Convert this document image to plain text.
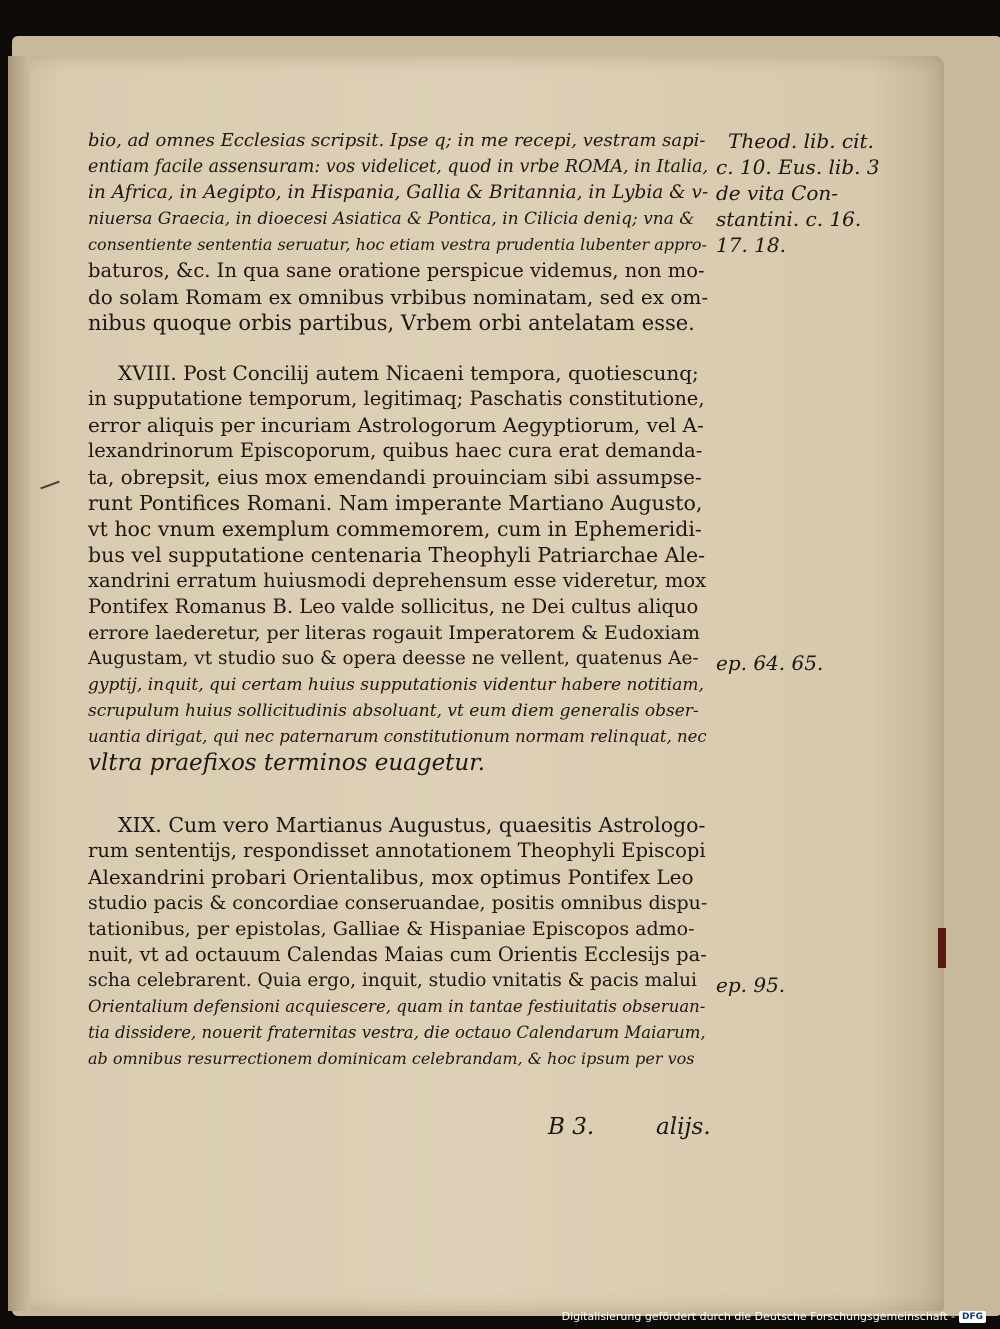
bio, ad omnes Ecclesias scripsit. Ipse q; in me recepi, vestram sapi-
entiam facile assensuram: vos videlicet, quod in vrbe ROMA, in Italia,
in Africa, in Aegipto, in Hispania, Gallia & Britannia, in Lybia & v-
niuersa Graecia, in dioecesi Asiatica & Pontica, in Cilicia deniq; vna &
consentiente sententia seruatur, hoc etiam vestra prudentia lubenter appro-
baturos, &c. In qua sane oratione perspicue videmus, non mo-
do solam Romam ex omnibus vrbibus nominatam, sed ex om-
nibus quoque orbis partibus, Vrbem orbi antelatam esse.
XVIII. Post Concilij autem Nicaeni tempora, quotiescunq;
in supputatione temporum, legitimaq; Paschatis constitutione,
error aliquis per incuriam Astrologorum Aegyptiorum, vel A-
lexandrinorum Episcoporum, quibus haec cura erat demanda-
ta, obrepsit, eius mox emendandi prouinciam sibi assumpse-
runt Pontifices Romani. Nam imperante Martiano Augusto,
vt hoc vnum exemplum commemorem, cum in Ephemeridi-
bus vel supputatione centenaria Theophyli Patriarchae Ale-
xandrini erratum huiusmodi deprehensum esse videretur, mox
Pontifex Romanus B. Leo valde sollicitus, ne Dei cultus aliquo
errore laederetur, per literas rogauit Imperatorem & Eudoxiam
Augustam, vt studio suo & opera deesse ne vellent, quatenus Ae-
gyptij, inquit, qui certam huius supputationis videntur habere notitiam,
scrupulum huius sollicitudinis absoluant, vt eum diem generalis obser-
uantia dirigat, qui nec paternarum constitutionum normam relinquat, nec
vltra praefixos terminos euagetur.
XIX. Cum vero Martianus Augustus, quaesitis Astrologo-
rum sententijs, respondisset annotationem Theophyli Episcopi
Alexandrini probari Orientalibus, mox optimus Pontifex Leo
studio pacis & concordiae conseruandae, positis omnibus dispu-
tationibus, per epistolas, Galliae & Hispaniae Episcopos admo-
nuit, vt ad octauum Calendas Maias cum Orientis Ecclesijs pa-
scha celebrarent. Quia ergo, inquit, studio vnitatis & pacis malui
Orientalium defensioni acquiescere, quam in tantae festiuitatis obseruan-
tia dissidere, nouerit fraternitas vestra, die octauo Calendarum Maiarum,
ab omnibus resurrectionem dominicam celebrandam, & hoc ipsum per vos
Theod. lib. cit.
c. 10. Eus. lib. 3
de vita Con-
stantini. c. 16.
17. 18.
ep. 64. 65.
ep. 95.
B 3.	alijs.
Digitalisierung gefördert durch die Deutsche Forschungsgemeinschaft - DFG
